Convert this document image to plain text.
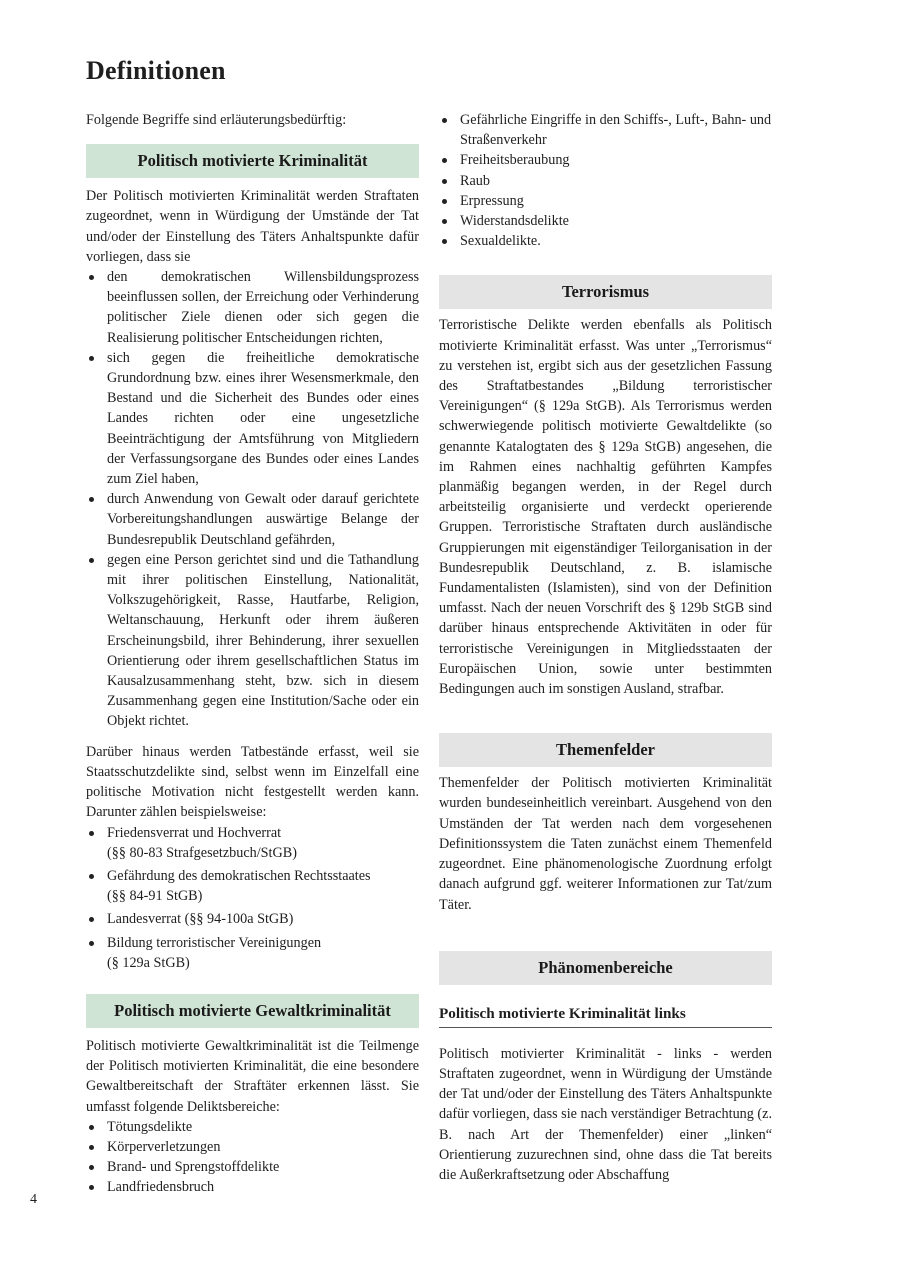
Definitionen

Folgende Begriffe sind erläuterungsbedürftig:

Politisch motivierte Kriminalität

Der Politisch motivierten Kriminalität werden Straftaten zugeordnet, wenn in Würdigung der Umstände der Tat und/oder der Einstellung des Täters Anhaltspunkte dafür vorliegen, dass sie

den demokratischen Willensbildungsprozess beeinflussen sollen, der Erreichung oder Verhinderung politischer Ziele dienen oder sich gegen die Realisierung politischer Entscheidungen richten,
sich gegen die freiheitliche demokratische Grundordnung bzw. eines ihrer Wesensmerkmale, den Bestand und die Sicherheit des Bundes oder eines Landes richten oder eine ungesetzliche Beeinträchtigung der Amtsführung von Mitgliedern der Verfassungsorgane des Bundes oder eines Landes zum Ziel haben,
durch Anwendung von Gewalt oder darauf gerichtete Vorbereitungshandlungen auswärtige Belange der Bundesrepublik Deutschland gefährden,
gegen eine Person gerichtet sind und die Tathandlung mit ihrer politischen Einstellung, Nationalität, Volkszugehörigkeit, Rasse, Hautfarbe, Religion, Weltanschauung, Herkunft oder ihrem äußeren Erscheinungsbild, ihrer Behinderung, ihrer sexuellen Orientierung oder ihrem gesellschaftlichen Status im Kausalzusammenhang steht, bzw. sich in diesem Zusammenhang gegen eine Institution/Sache oder ein Objekt richtet.

Darüber hinaus werden Tatbestände erfasst, weil sie Staatsschutzdelikte sind, selbst wenn im Einzelfall eine politische Motivation nicht festgestellt werden kann. Darunter zählen beispielsweise:

Friedensverrat und Hochverrat
(§§ 80-83 Strafgesetzbuch/StGB)
Gefährdung des demokratischen Rechtsstaates
(§§ 84-91 StGB)
Landesverrat (§§ 94-100a StGB)
Bildung terroristischer Vereinigungen
(§ 129a StGB)
Politisch motivierte Gewaltkriminalität

Politisch motivierte Gewaltkriminalität ist die Teilmenge der Politisch motivierten Kriminalität, die eine besondere Gewaltbereitschaft der Straftäter erkennen lässt. Sie umfasst folgende Deliktsbereiche:

Tötungsdelikte
Körperverletzungen
Brand- und Sprengstoffdelikte
Landfriedensbruch
Gefährliche Eingriffe in den Schiffs-, Luft-, Bahn- und Straßenverkehr
Freiheitsberaubung
Raub
Erpressung
Widerstandsdelikte
Sexualdelikte.
Terrorismus

Terroristische Delikte werden ebenfalls als Politisch motivierte Kriminalität erfasst. Was unter „Terrorismus“ zu verstehen ist, ergibt sich aus der gesetzlichen Fassung des Straftatbestandes „Bildung terroristischer Vereinigungen“ (§ 129a StGB). Als Terrorismus werden schwerwiegende politisch motivierte Gewaltdelikte (so genannte Katalogtaten des § 129a StGB) angesehen, die im Rahmen eines nachhaltig geführten Kampfes planmäßig begangen werden, in der Regel durch arbeitsteilig organisierte und verdeckt operierende Gruppen. Terroristische Straftaten durch ausländische Gruppierungen mit eigenständiger Teilorganisation in der Bundesrepublik Deutschland, z. B. islamische Fundamentalisten (Islamisten), sind von der Definition umfasst. Nach der neuen Vorschrift des § 129b StGB sind darüber hinaus entsprechende Aktivitäten in oder für terroristische Vereinigungen in Mitgliedsstaaten der Europäischen Union, sowie unter bestimmten Bedingungen auch im sonstigen Ausland, strafbar.

Themenfelder

Themenfelder der Politisch motivierten Kriminalität wurden bundeseinheitlich vereinbart. Ausgehend von den Umständen der Tat werden nach dem vorgesehenen Definitionssystem die Taten zunächst einem Themenfeld zugeordnet. Eine phänomenologische Zuordnung erfolgt danach aufgrund ggf. weiterer Informationen zur Tat/zum Täter.

Phänomenbereiche
Politisch motivierte Kriminalität links

Politisch motivierter Kriminalität - links - werden Straftaten zugeordnet, wenn in Würdigung der Umstände der Tat und/oder der Einstellung des Täters Anhaltspunkte dafür vorliegen, dass sie nach verständiger Betrachtung (z. B. nach Art der Themenfelder) einer „linken“ Orientierung zuzurechnen sind, ohne dass die Tat bereits die Außerkraftsetzung oder Abschaffung

4
